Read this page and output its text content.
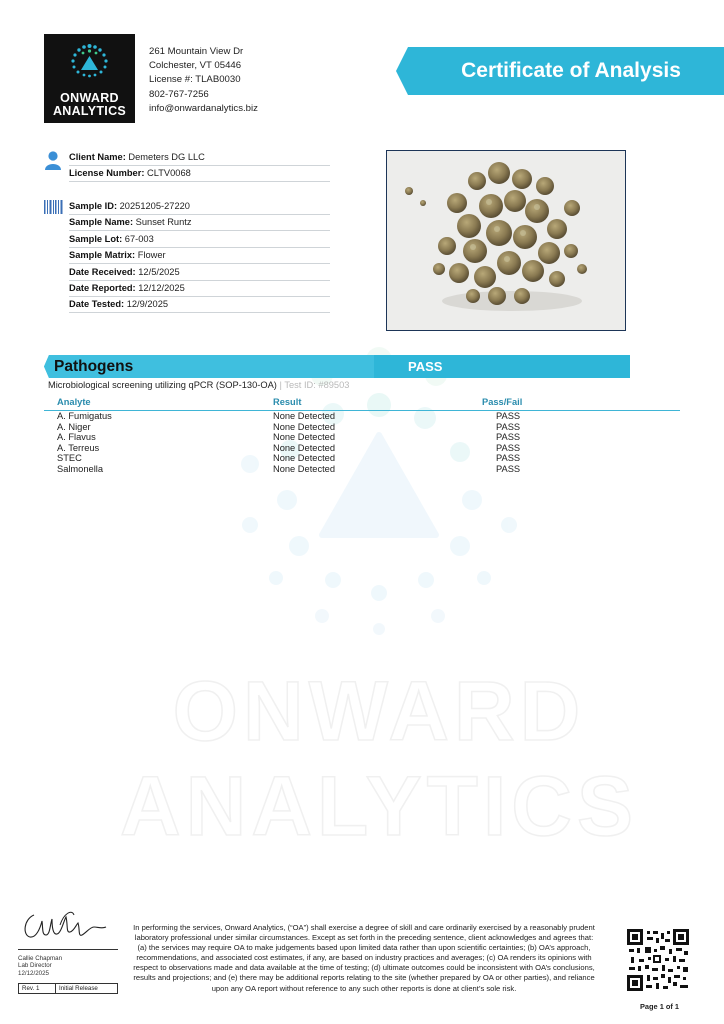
ONWARD
ANALYTICS
ONWARD
ANALYTICS
261 Mountain View Dr
Colchester, VT 05446
License #: TLAB0030
802-767-7256
info@onwardanalytics.biz
Certificate of Analysis
Client Name: Demeters DG LLC
License Number: CLTV0068
Sample ID: 20251205-27220
Sample Name: Sunset Runtz
Sample Lot: 67-003
Sample Matrix: Flower
Date Received: 12/5/2025
Date Reported: 12/12/2025
Date Tested: 12/9/2025
Pathogens	PASS
Microbiological screening utilizing qPCR (SOP-130-OA) | Test ID: #89503
Analyte	Result	Pass/Fail
A. Fumigatus	None Detected	PASS
A. Niger	None Detected	PASS
A. Flavus	None Detected	PASS
A. Terreus	None Detected	PASS
STEC	None Detected	PASS
Salmonella	None Detected	PASS
Callie Chapman
Lab Director
12/12/2025
Rev. 1	Initial Release
In performing the services, Onward Analytics, (“OA”) shall exercise a degree of skill and care ordinarily exercised by a reasonably prudent laboratory professional under similar circumstances. Except as set forth in the preceding sentence, client acknowledges and agrees that: (a) the services may require OA to make judgements based upon limited data rather than upon scientific certainties; (b) OA’s approach, recommendations, and associated cost estimates, if any, are based on industry practices and averages; (c) OA renders its opinions with respect to observations made and data available at the time of testing; (d) ultimate outcomes could be inconsistent with OA’s conclusions, results and projections; and (e) there may be additional reports relating to the site (whether prepared by OA or other parties), and reliance upon any OA report without reference to any such other reports is done at client’s sole risk.
Page 1 of 1
